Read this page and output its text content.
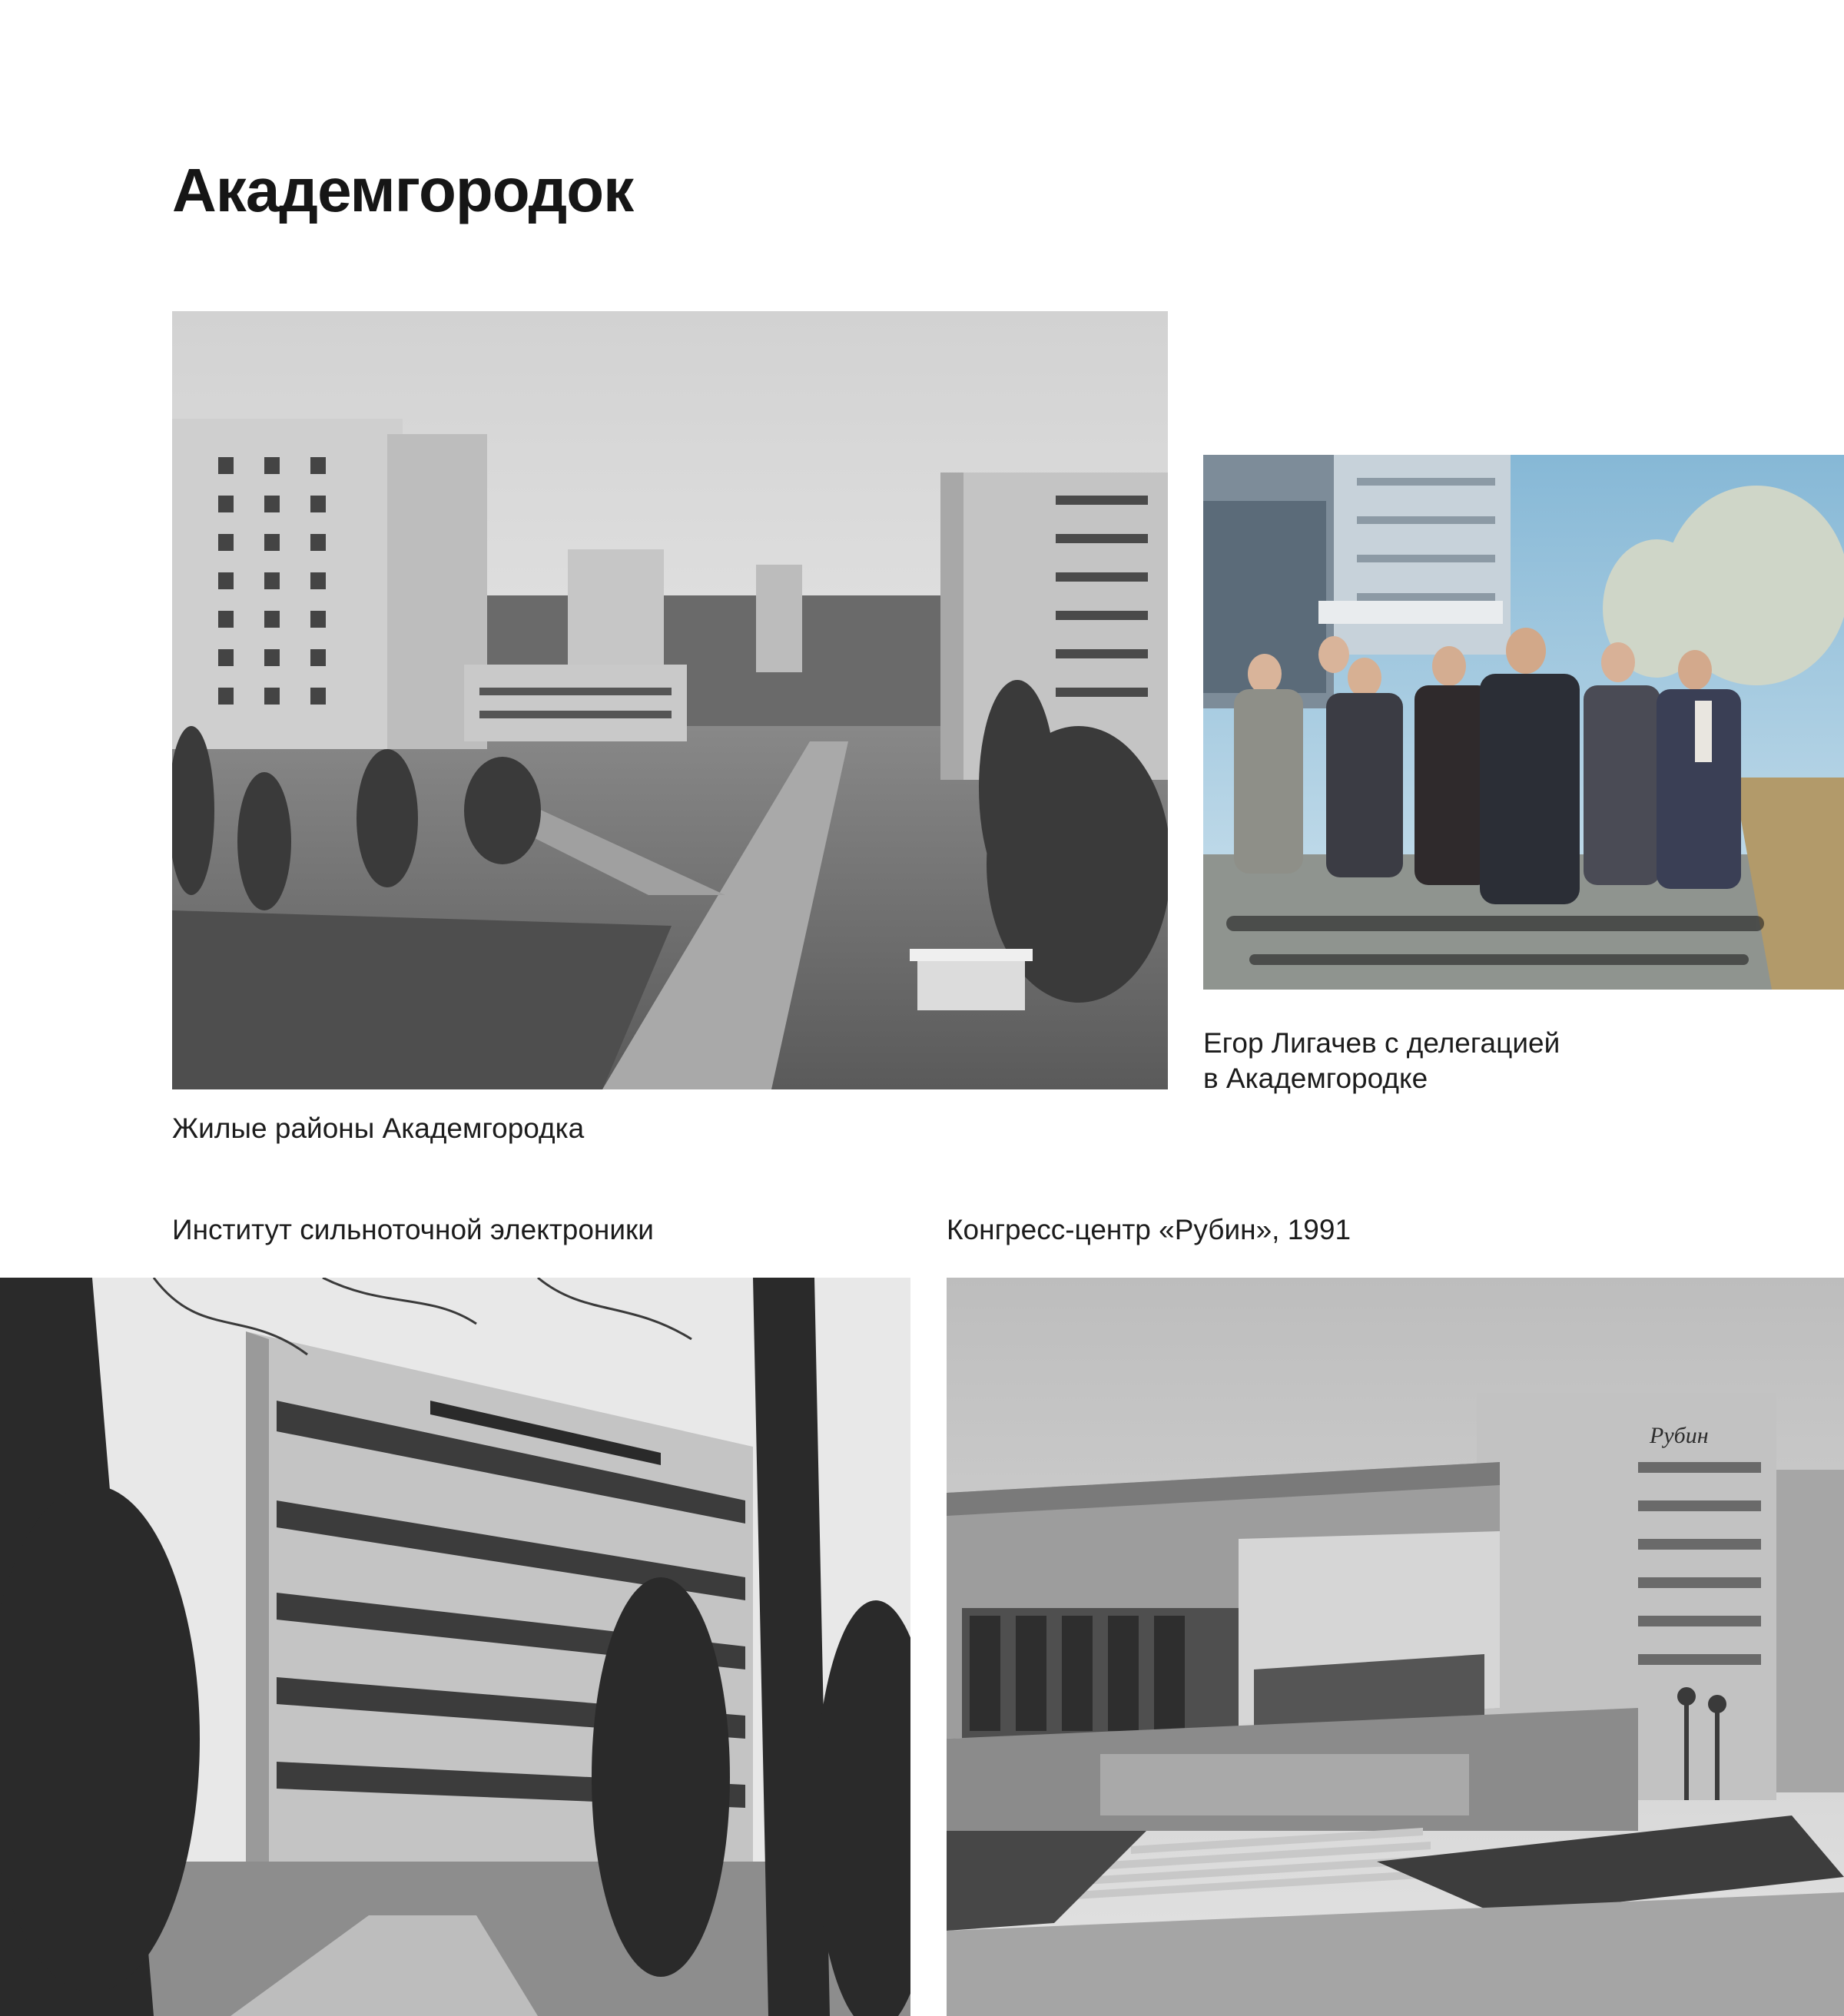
Академгородок

Жилые районы Академгородка

Егор Лигачев с делегацией
в Академгородке

Институт сильноточной электроники	Конгресс-центр «Рубин», 1991

Рубин
